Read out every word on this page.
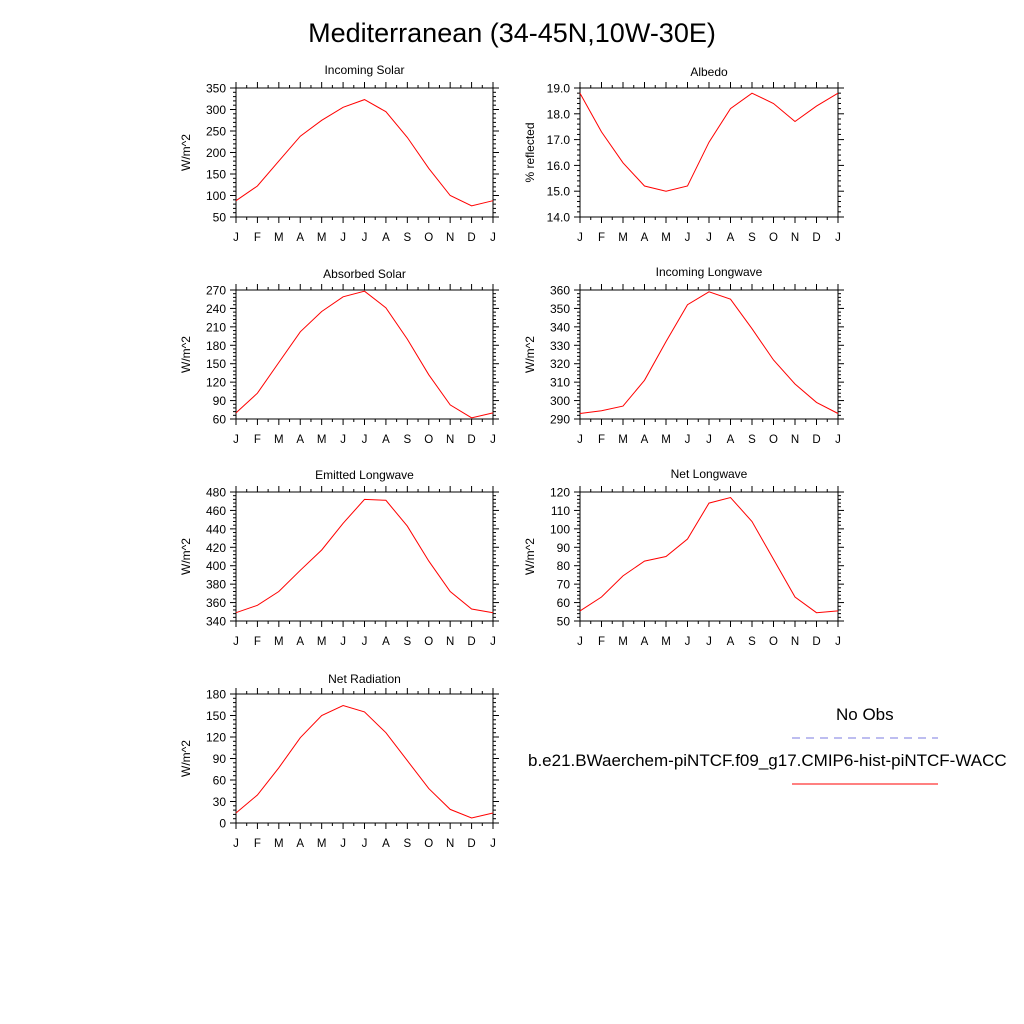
Mediterranean (34-45N,10W-30E)
J F M A M J J A S O N D J
50
100
150
200
250
300
350
Incoming Solar
W/m^2
J F M A M J J A S O N D J
14.0
15.0
16.0
17.0
18.0
19.0
Albedo
% reflected
J F M A M J J A S O N D J
60
90
120
150
180
210
240
270
Absorbed Solar
W/m^2
J F M A M J J A S O N D J
290
300
310
320
330
340
350
360
Incoming Longwave
W/m^2
J F M A M J J A S O N D J
340
360
380
400
420
440
460
480
Emitted Longwave
W/m^2
J F M A M J J A S O N D J
50
60
70
80
90
100
110
120
Net Longwave
W/m^2
J F M A M J J A S O N D J
0
30
60
90
120
150
180
Net Radiation
W/m^2
No Obs
b.e21.BWaerchem-piNTCF.f09_g17.CMIP6-hist-piNTCF-WACC
